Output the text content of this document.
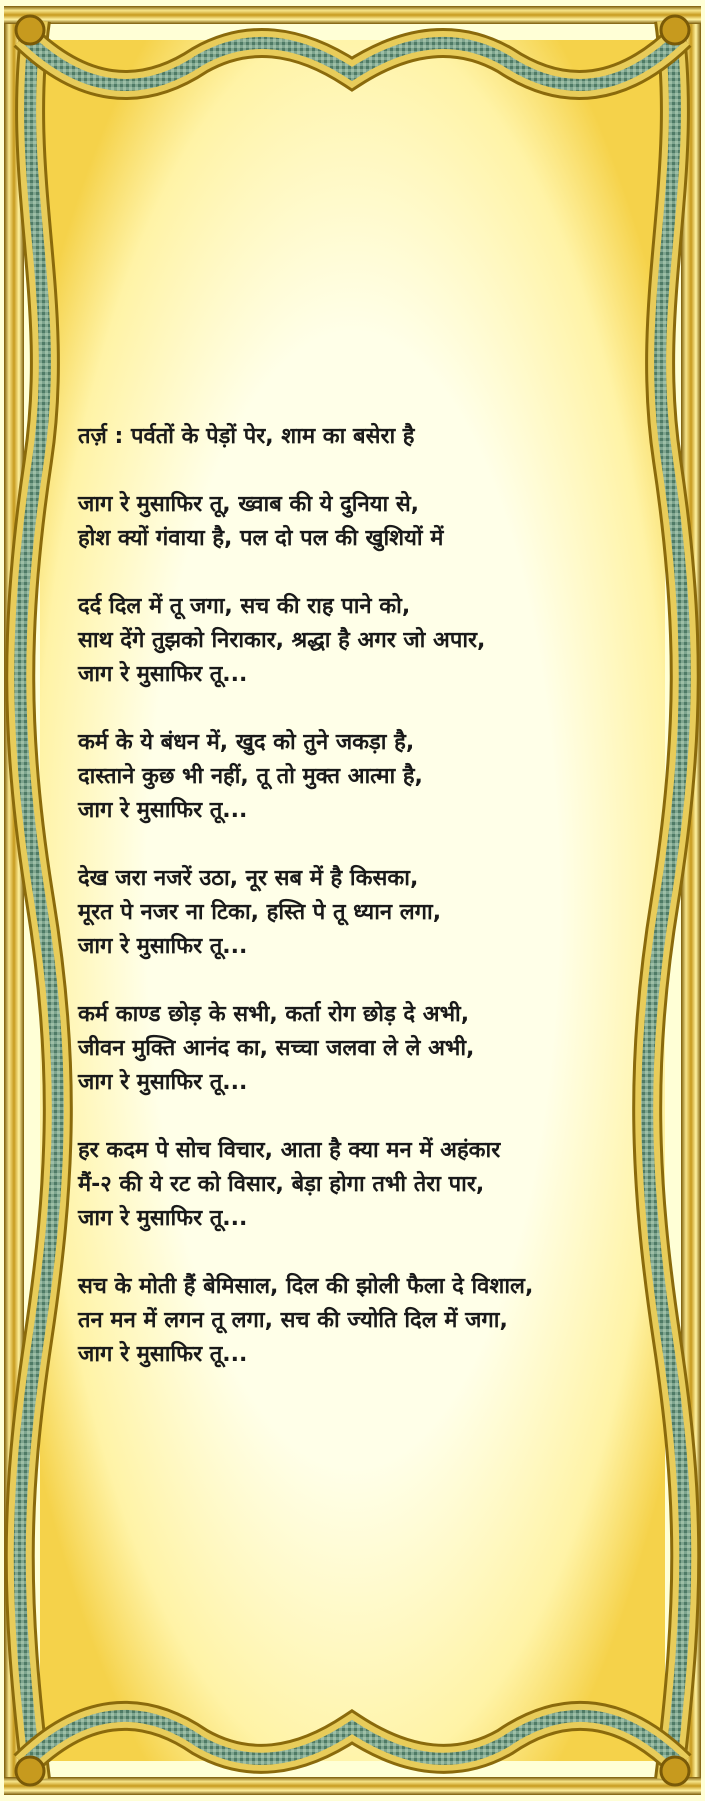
तर्ज़ : पर्वतों के पेड़ों पेर, शाम का बसेरा है
जाग रे मुसाफिर तू, ख्वाब की ये दुनिया से,
होश क्यों गंवाया है, पल दो पल की खुशियों में
दर्द दिल में तू जगा, सच की राह पाने को,
साथ देंगे तुझको निराकार, श्रद्धा है अगर जो अपार,
जाग रे मुसाफिर तू...
कर्म के ये बंधन में, खुद को तुने जकड़ा है,
दास्ताने कुछ भी नहीं, तू तो मुक्त आत्मा है,
जाग रे मुसाफिर तू...
देख जरा नजरें उठा, नूर सब में है किसका,
मूरत पे नजर ना टिका, हस्ति पे तू ध्यान लगा,
जाग रे मुसाफिर तू...
कर्म काण्ड छोड़ के सभी, कर्ता रोग छोड़ दे अभी,
जीवन मुक्ति आनंद का, सच्चा जलवा ले ले अभी,
जाग रे मुसाफिर तू...
हर कदम पे सोच विचार, आता है क्या मन में अहंकार
मैं-२ की ये रट को विसार, बेड़ा होगा तभी तेरा पार,
जाग रे मुसाफिर तू...
सच के मोती हैं बेमिसाल, दिल की झोली फैला दे विशाल,
तन मन में लगन तू लगा, सच की ज्योति दिल में जगा,
जाग रे मुसाफिर तू...
